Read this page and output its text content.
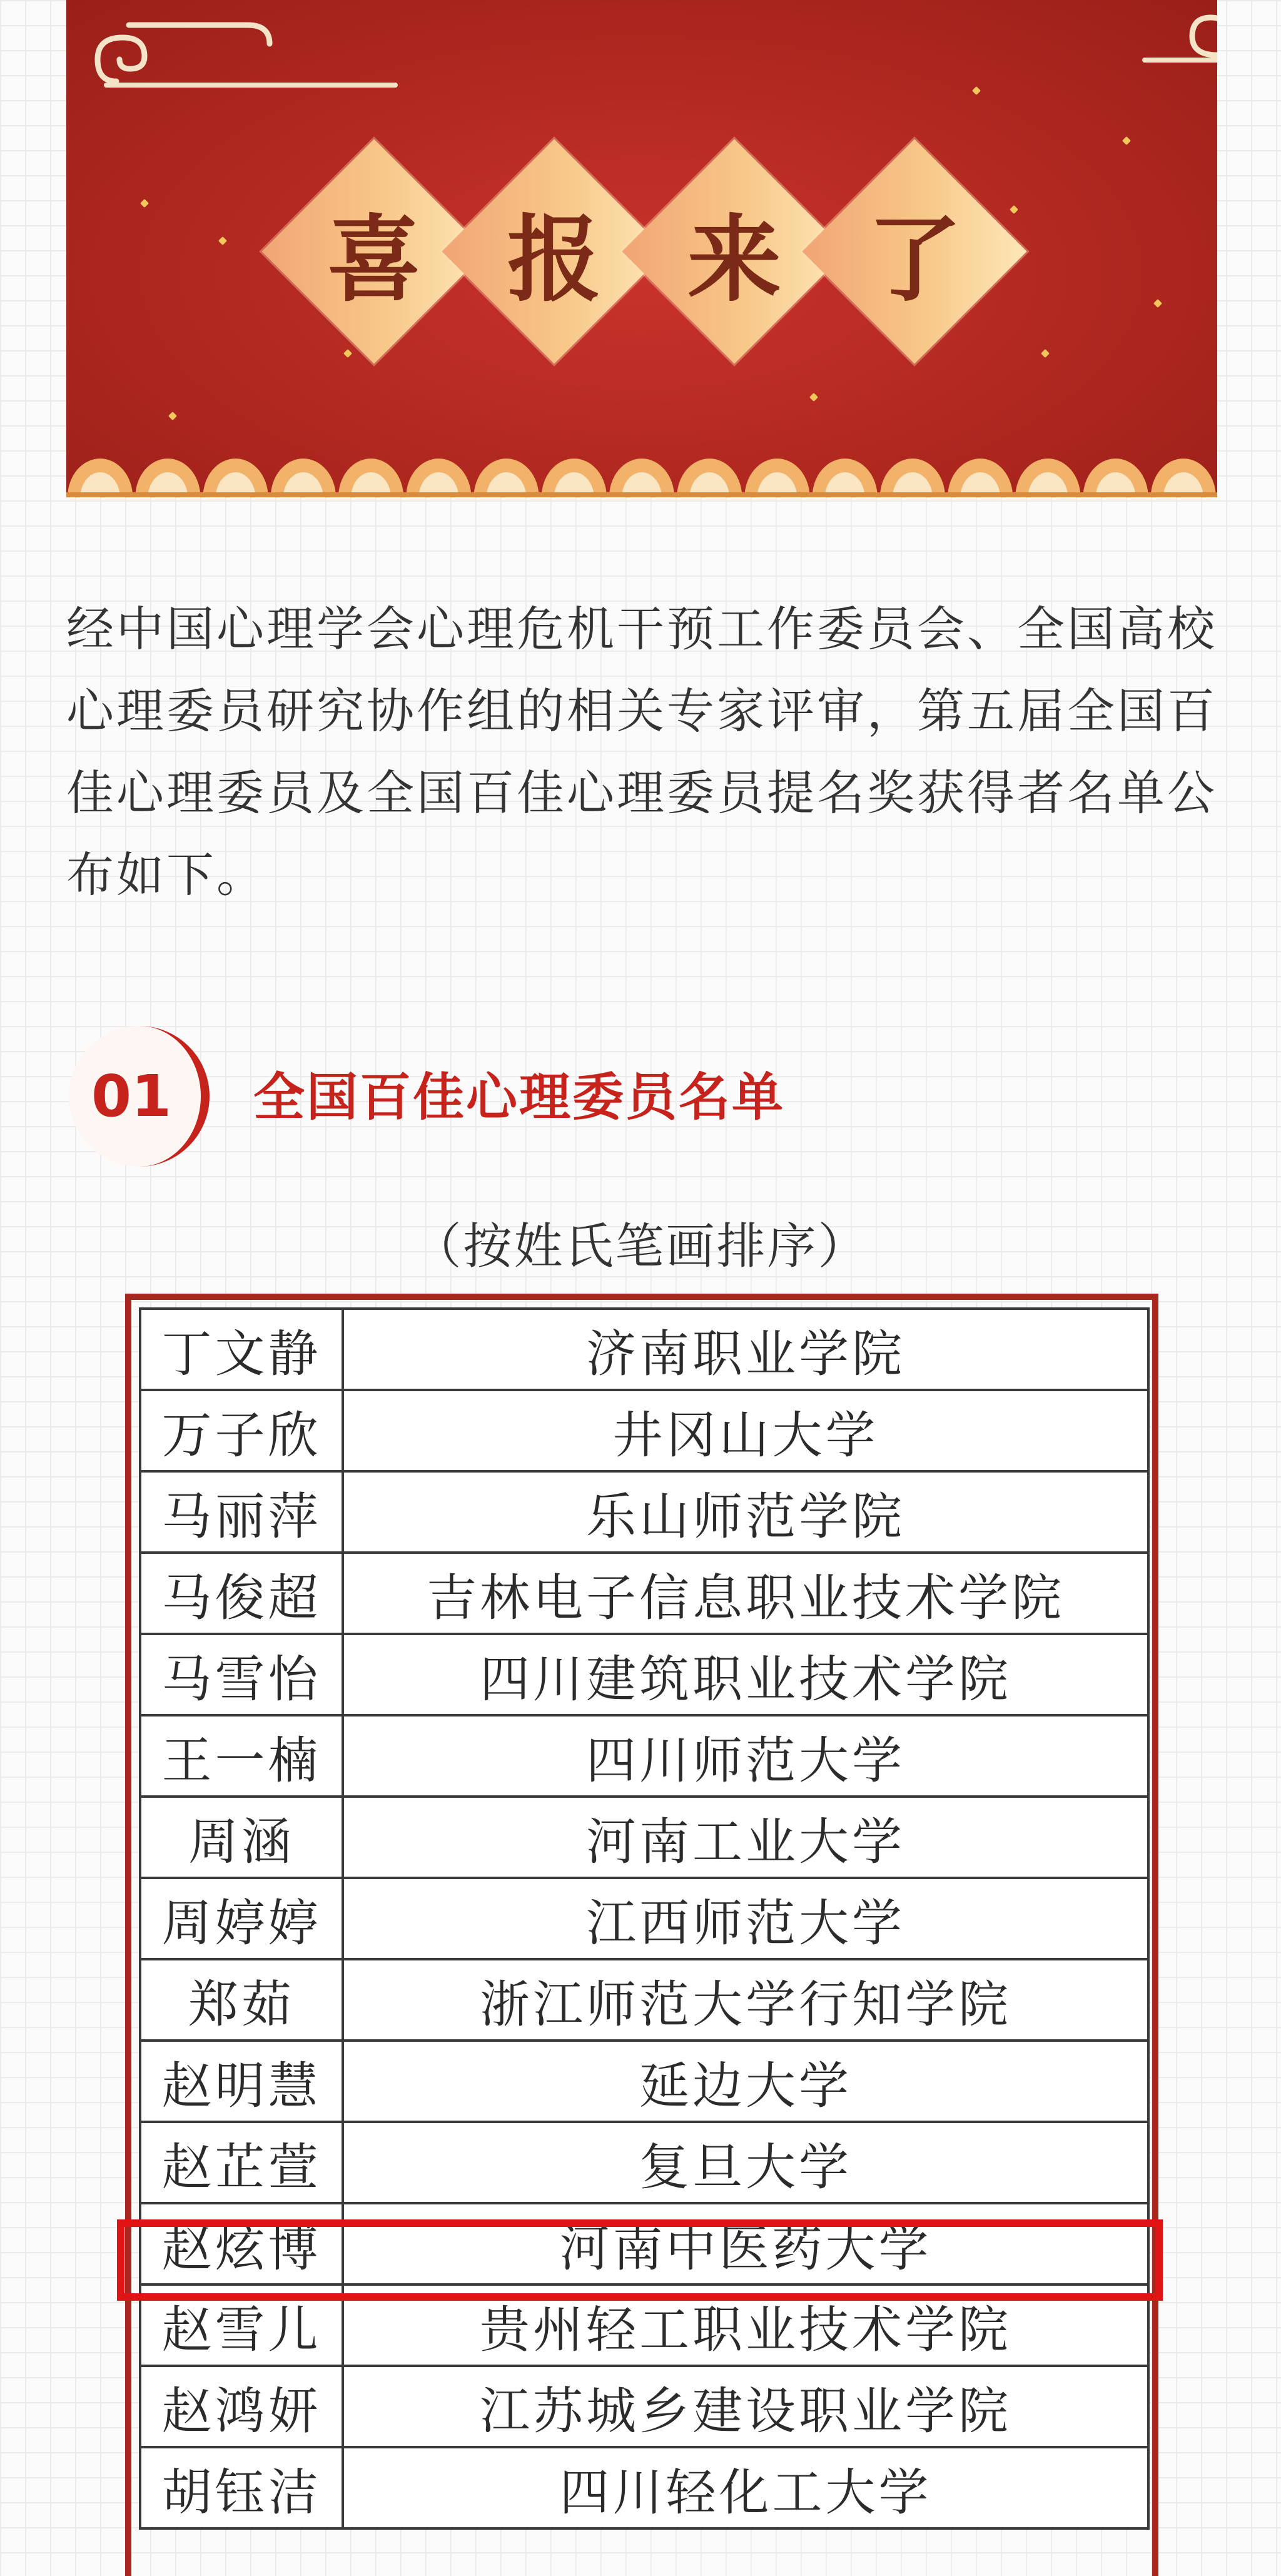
喜 报 来 了

经中国心理学会心理危机干预工作委员会、全国高校心理委员研究协作组的相关专家评审，第五届全国百佳心理委员及全国百佳心理委员提名奖获得者名单公布如下。

01	全国百佳心理委员名单
（按姓氏笔画排序）
丁文静	济南职业学院
万子欣	井冈山大学
马丽萍	乐山师范学院
马俊超	吉林电子信息职业技术学院
马雪怡	四川建筑职业技术学院
王一楠	四川师范大学
周涵	河南工业大学
周婷婷	江西师范大学
郑茹	浙江师范大学行知学院
赵明慧	延边大学
赵芷萱	复旦大学
赵炫博	河南中医药大学
赵雪儿	贵州轻工职业技术学院
赵鸿妍	江苏城乡建设职业学院
胡钰洁	四川轻化工大学
